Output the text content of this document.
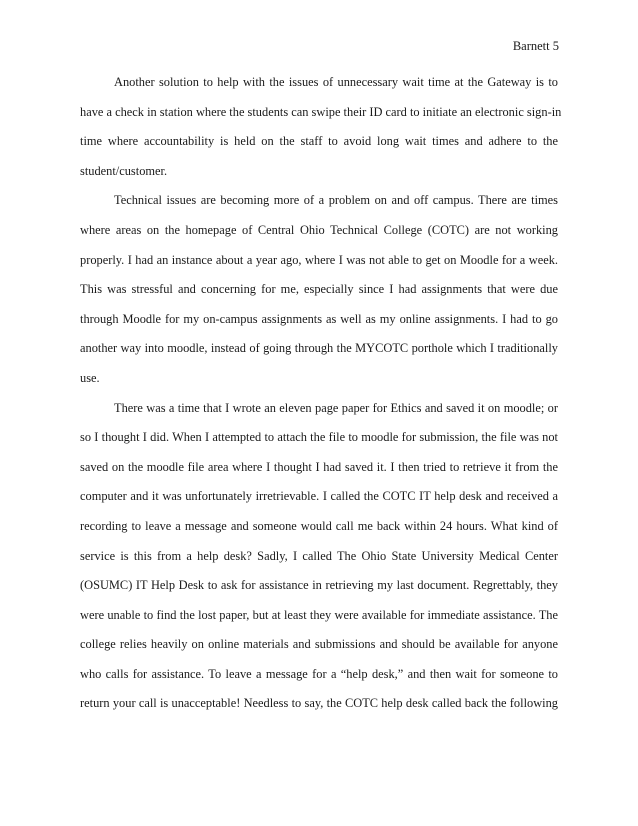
Barnett 5
Another solution to help with the issues of unnecessary wait time at the Gateway is to
have a check in station where the students can swipe their ID card to initiate an electronic sign-in
time where accountability is held on the staff to avoid long wait times and adhere to the
student/customer.
Technical issues are becoming more of a problem on and off campus. There are times
where areas on the homepage of Central Ohio Technical College (COTC) are not working
properly. I had an instance about a year ago, where I was not able to get on Moodle for a week.
This was stressful and concerning for me, especially since I had assignments that were due
through Moodle for my on-campus assignments as well as my online assignments. I had to go
another way into moodle, instead of going through the MYCOTC porthole which I traditionally
use.
There was a time that I wrote an eleven page paper for Ethics and saved it on moodle; or
so I thought I did. When I attempted to attach the file to moodle for submission, the file was not
saved on the moodle file area where I thought I had saved it. I then tried to retrieve it from the
computer and it was unfortunately irretrievable. I called the COTC IT help desk and received a
recording to leave a message and someone would call me back within 24 hours. What kind of
service is this from a help desk? Sadly, I called The Ohio State University Medical Center
(OSUMC) IT Help Desk to ask for assistance in retrieving my last document. Regrettably, they
were unable to find the lost paper, but at least they were available for immediate assistance. The
college relies heavily on online materials and submissions and should be available for anyone
who calls for assistance. To leave a message for a “help desk,” and then wait for someone to
return your call is unacceptable! Needless to say, the COTC help desk called back the following
